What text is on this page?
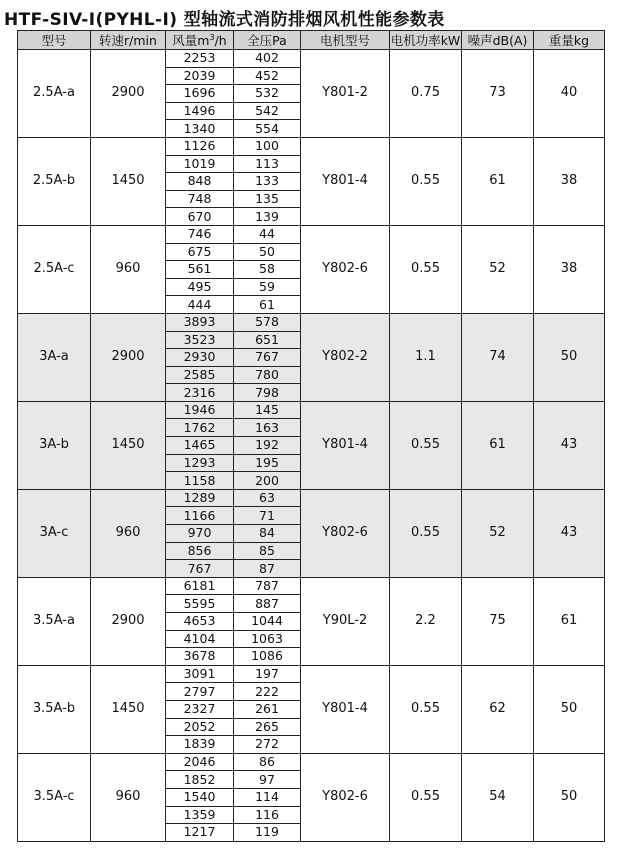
HTF-SIV-I(PYHL-I) 型轴流式消防排烟风机性能参数表
型号	转速r/min	风量$m^3/h$	全压Pa	电机型号	电机功率kW	噪声dB(A)	重量kg
2.5A-a	2900	2253	402	Y801-2	0.75	73	40
		2039	452				
		1696	532				
		1496	542				
		1340	554				
2.5A-b	1450	1126	100	Y801-4	0.55	61	38
		1019	113				
		848	133				
		748	135				
		670	139				
2.5A-c	960	746	44	Y802-6	0.55	52	38
		675	50				
		561	58				
		495	59				
		444	61				
3A-a	2900	3893	578	Y802-2	1.1	74	50
		3523	651				
		2930	767				
		2585	780				
		2316	798				
3A-b	1450	1946	145	Y801-4	0.55	61	43
		1762	163				
		1465	192				
		1293	195				
		1158	200				
3A-c	960	1289	63	Y802-6	0.55	52	43
		1166	71				
		970	84				
		856	85				
		767	87				
3.5A-a	2900	6181	787	Y90L-2	2.2	75	61
		5595	887				
		4653	1044				
		4104	1063				
		3678	1086				
3.5A-b	1450	3091	197	Y801-4	0.55	62	50
		2797	222				
		2327	261				
		2052	265				
		1839	272				
3.5A-c	960	2046	86	Y802-6	0.55	54	50
		1852	97				
		1540	114				
		1359	116				
		1217	119				
